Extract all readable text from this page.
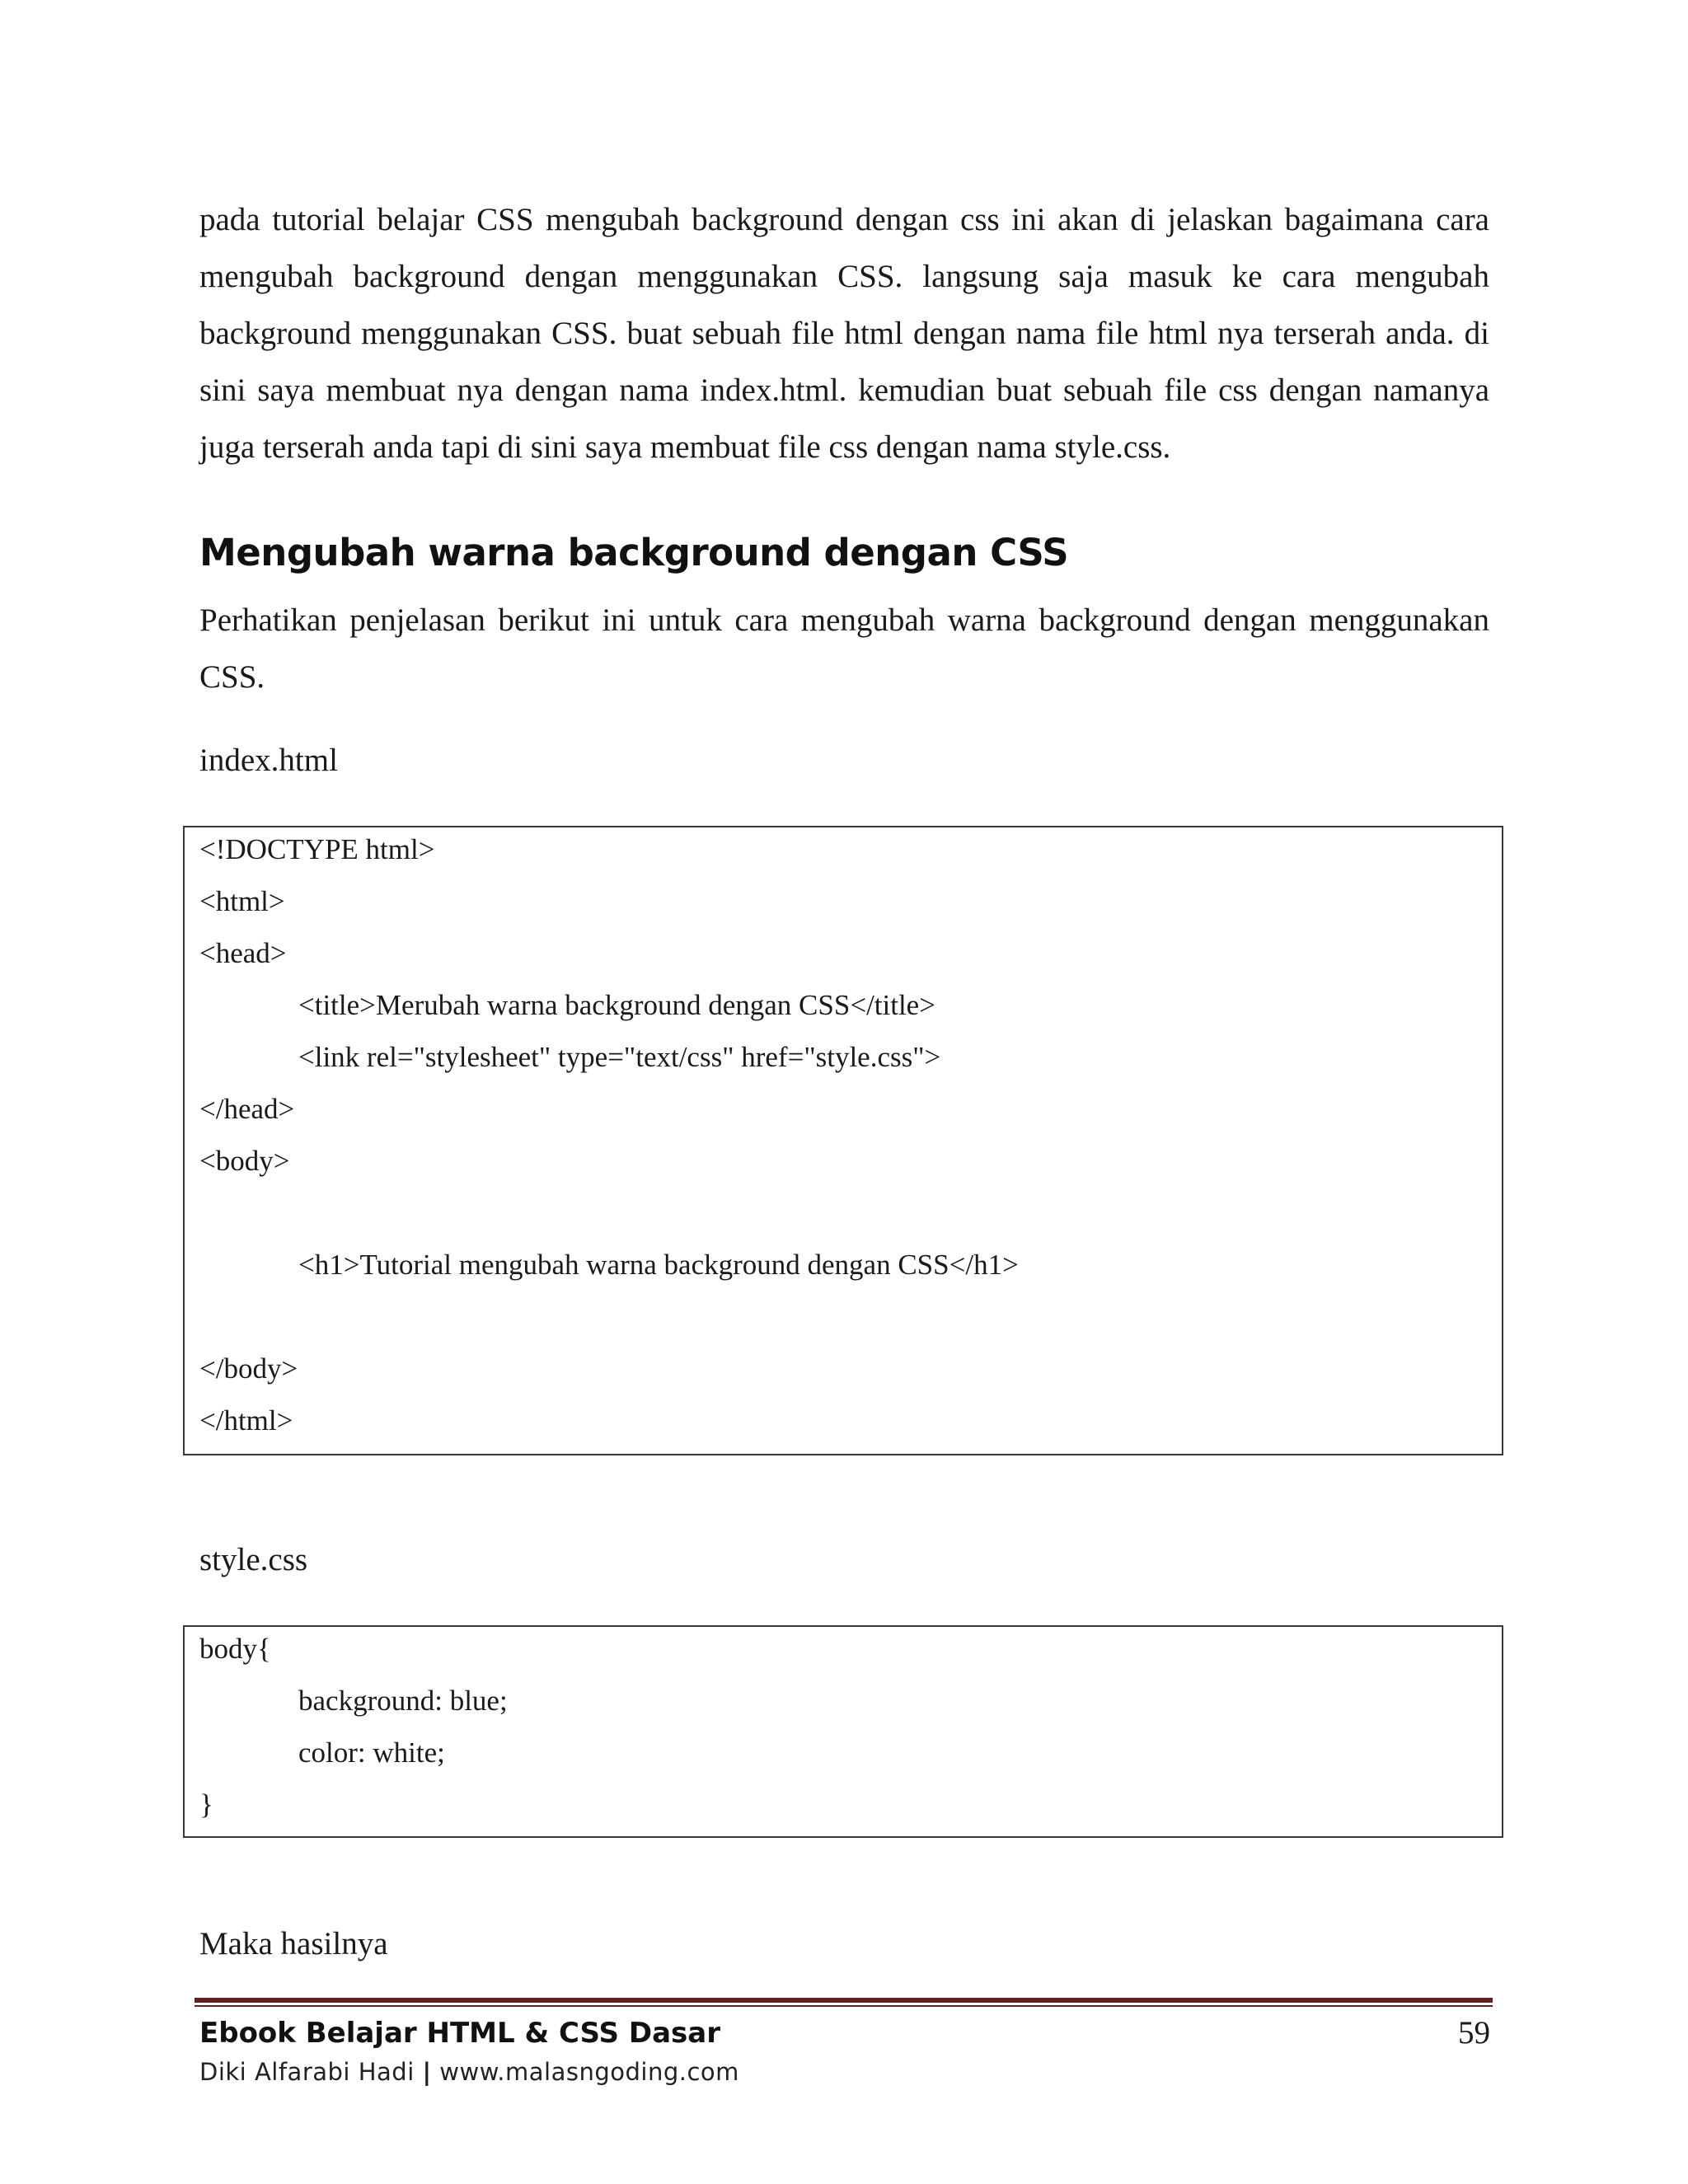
pada tutorial belajar CSS mengubah background dengan css ini akan di jelaskan bagaimana cara mengubah background dengan menggunakan CSS. langsung saja masuk ke cara mengubah background menggunakan CSS. buat sebuah file html dengan nama file html nya terserah anda. di sini saya membuat nya dengan nama index.html. kemudian buat sebuah file css dengan namanya juga terserah anda tapi di sini saya membuat file css dengan nama style.css.

Mengubah warna background dengan CSS

Perhatikan penjelasan berikut ini untuk cara mengubah warna background dengan menggunakan CSS.

index.html

<!DOCTYPE html>
<html>
<head>
<title>Merubah warna background dengan CSS</title>
<link rel="stylesheet" type="text/css" href="style.css">
</head>
<body>
<h1>Tutorial mengubah warna background dengan CSS</h1>
</body>
</html>

style.css

body{
background: blue;
color: white;
}

Maka hasilnya

Ebook Belajar HTML & CSS Dasar

Diki Alfarabi Hadi | www.malasngoding.com

59
